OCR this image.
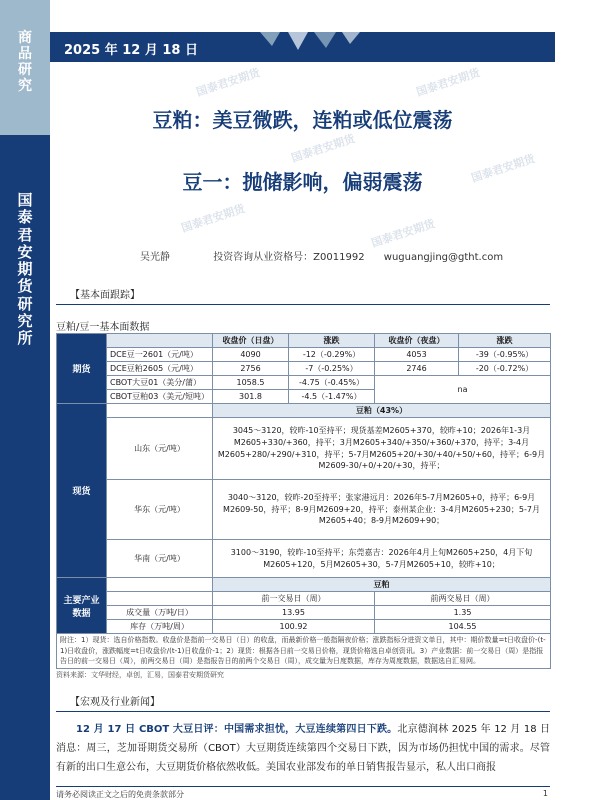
商
品
研
究
国
泰
君
安
期
货
研
究
所
2025 年 12 月 18 日
国泰君安期货	国泰君安期货
国泰君安期货
国泰君安期货
国泰君安期货	国泰君安期货
豆粕：美豆微跌，连粕或低位震荡
豆一：抛储影响，偏弱震荡
吴光静	投资咨询从业资格号：Z0011992 wuguangjing@gtht.com
【基本面跟踪】
豆粕/豆一基本面数据
期货		收盘价（日盘）	涨跌	收盘价（夜盘）	涨跌
	DCE豆一2601（元/吨）	4090	-12（-0.29%）	4053	-39（-0.95%）
	DCE豆粕2605（元/吨）	2756	-7（-0.25%）	2746	-20（-0.72%）
	CBOT大豆01（美分/蒲）	1058.5	-4.75（-0.45%）	na	
	CBOT豆粕03（美元/短吨）	301.8	-4.5（-1.47%）		
现货		豆粕（43%）			
	山东（元/吨）	3045～3120，较昨-10至持平；现货基差M2605+370，较昨+10；2026年1-3月M2605+330/+360，持平；3月M2605+340/+350/+360/+370，持平；3-4月M2605+280/+290/+310，持平；5-7月M2605+20/+30/+40/+50/+60，持平；6-9月M2609-30/+0/+20/+30，持平；			
	华东（元/吨）	3040～3120，较昨-20至持平；张家港远月：2026年5-7月M2605+0，持平；6-9月M2609-50，持平；8-9月M2609+20，持平；泰州某企业：3-4月M2605+230；5-7月M2605+40；8-9月M2609+90；			
	华南（元/吨）	3100～3190，较昨-10至持平；东莞嘉吉：2026年4月上旬M2605+250，4月下旬M2605+120，5月M2605+30，5-7月M2605+10，较昨+10；			
主要产业数据		豆粕			
		前一交易日（周）		前两交易日（周）	
	成交量（万吨/日）	13.95		1.35	
	库存（万吨/周）	100.92		104.55	
附注：1）现货：选自价格指数。收盘价是指前一交易日（日）的收盘，而最新价格一般指隔夜价格；涨跌指标分进资文单日，其中：期价数量=t日收盘价-(t-1)日收盘价，涨跌幅度=t日收盘价/(t-1)日收盘价-1；2）现货：根据各日前一交易日价格，现货价格选自卓创资讯。3）产业数据：前一交易日（周）是指报告日的前一交易日（周），前两交易日（周）是指报告日的前两个交易日（周），成交量为日度数据，库存为周度数据，数据选自汇易网。					
资料来源：文华财经，卓创，汇易，国泰君安期货研究
【宏观及行业新闻】
12 月 17 日 CBOT 大豆日评：中国需求担忧，大豆连续第四日下跌。北京德润林 2025 年 12 月 18 日消息：周三，芝加哥期货交易所（CBOT）大豆期货连续第四个交易日下跌，因为市场仍担忧中国的需求。尽管有新的出口生意公布，大豆期货价格依然收低。美国农业部发布的单日销售报告显示，私人出口商报
请务必阅读正文之后的免责条款部分	1
